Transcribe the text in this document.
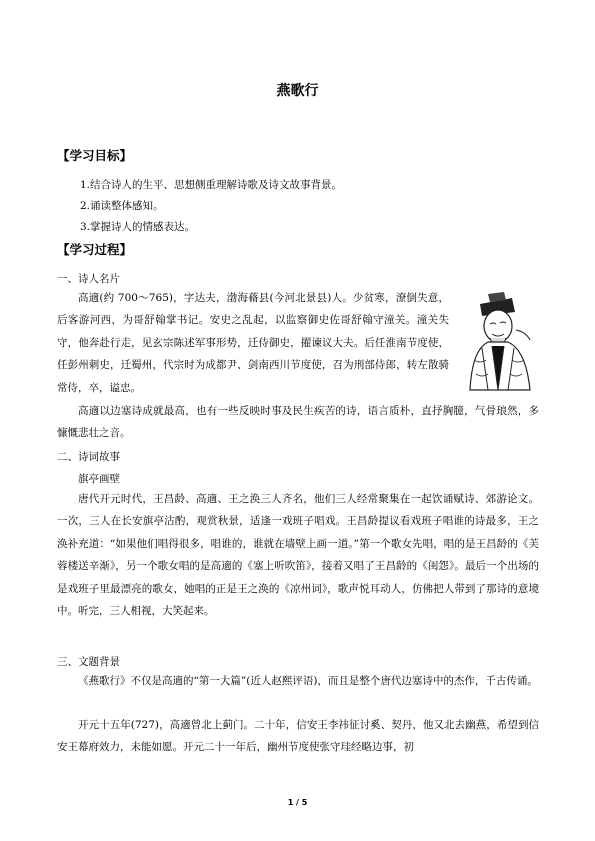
燕歌行
【学习目标】
1.结合诗人的生平、思想侧重理解诗歌及诗文故事背景。
2.诵读整体感知。
3.掌握诗人的情感表达。
【学习过程】
一、诗人名片

高適(约 700～765)，字达夫，渤海蓨县(今河北景县)人。少贫寒，潦倒失意，后客游河西，为哥舒翰掌书记。安史之乱起，以监察御史佐哥舒翰守潼关。潼关失守，他奔赴行走，见玄宗陈述军事形势，迁侍御史，擢谏议大夫。后任淮南节度使，任彭州刺史，迁蜀州，代宗时为成都尹、剑南西川节度使，召为刑部侍郎，转左散骑常侍，卒，谥忠。

高適以边塞诗成就最高，也有一些反映时事及民生疾苦的诗，语言质朴，直抒胸臆，气骨琅然，多慷慨悲壮之音。

二、诗词故事
旗亭画壁

唐代开元时代，王昌龄、高適、王之涣三人齐名，他们三人经常聚集在一起饮诵赋诗、郊游论文。一次，三人在长安旗亭沽酌，观赏秋景，适逢一戏班子唱戏。王昌龄提议看戏班子唱谁的诗最多，王之涣补充道：“如果他们唱得很多，唱谁的，谁就在墙壁上画一道。”第一个歌女先唱，唱的是王昌龄的《芙蓉楼送辛渐》，另一个歌女唱的是高適的《塞上听吹笛》，接着又唱了王昌龄的《闺怨》。最后一个出场的是戏班子里最漂亮的歌女，她唱的正是王之涣的《凉州词》，歌声悦耳动人，仿佛把人带到了那诗的意境中。听完，三人相视，大笑起来。

三、文题背景

《燕歌行》不仅是高適的“第一大篇”(近人赵熙评语)，而且是整个唐代边塞诗中的杰作，千古传诵。

开元十五年(727)，高適曾北上蓟门。二十年，信安王李祎征讨奚、契丹，他又北去幽燕，希望到信安王幕府效力，未能如愿。开元二十一年后，幽州节度使张守珪经略边事，初

1 / 5
